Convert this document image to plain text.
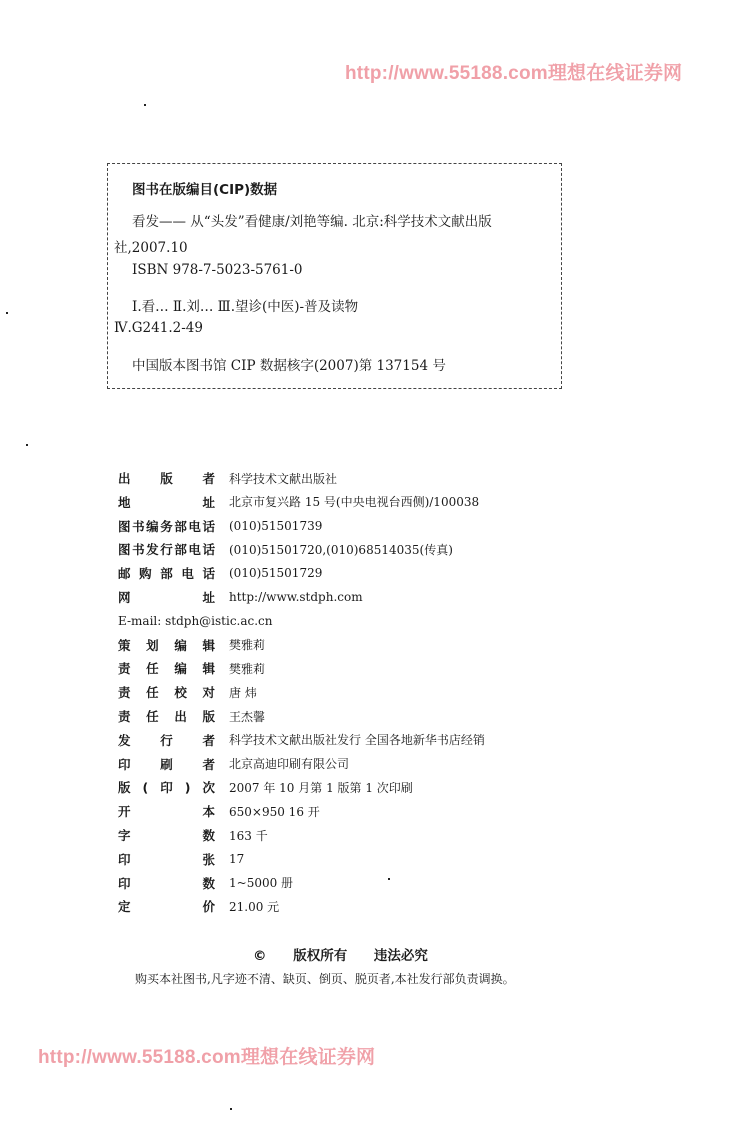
http://www.55188.com理想在线证券网
图书在版编目(CIP)数据
看发—— 从“头发”看健康/刘艳等编. 北京:科学技术文献出版
社,2007.10
ISBN 978-7-5023-5761-0
Ⅰ.看… Ⅱ.刘… Ⅲ.望诊(中医)-普及读物
Ⅳ.G241.2-49
中国版本图书馆 CIP 数据核字(2007)第 137154 号
出版者 科学技术文献出版社
地址 北京市复兴路 15 号(中央电视台西侧)/100038
图书编务部电话 (010)51501739
图书发行部电话 (010)51501720,(010)68514035(传真)
邮购部电话 (010)51501729
网址 http://www.stdph.com
E-mail: stdph@istic.ac.cn
策划编辑 樊雅莉
责任编辑 樊雅莉
责任校对 唐 炜
责任出版 王杰馨
发行者 科学技术文献出版社发行 全国各地新华书店经销
印刷者 北京高迪印刷有限公司
版(印)次 2007 年 10 月第 1 版第 1 次印刷
开本 650×950 16 开
字数 163 千
印张 17
印数 1~5000 册
定价 21.00 元
© 版权所有 违法必究
购买本社图书,凡字迹不清、缺页、倒页、脱页者,本社发行部负责调换。
http://www.55188.com理想在线证券网
